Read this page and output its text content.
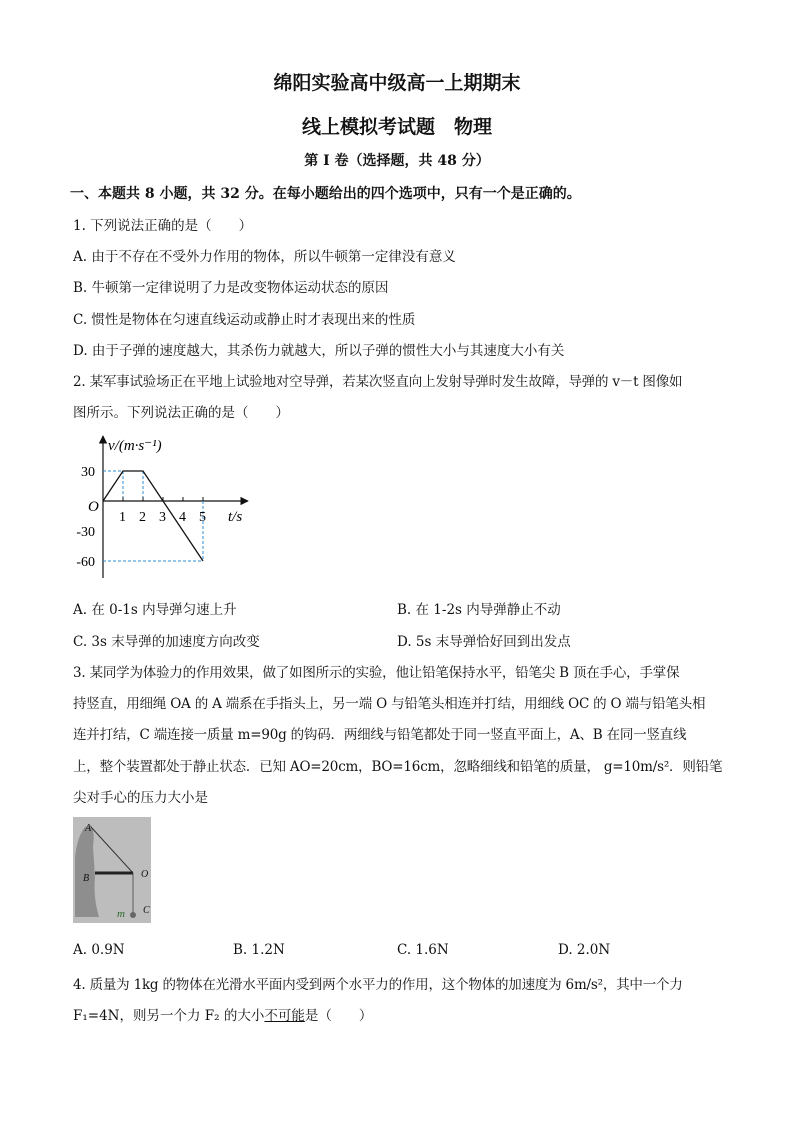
绵阳实验高中级高一上期期末
线上模拟考试题　物理
第 I 卷（选择题，共 48 分）
一、本题共 8 小题，共 32 分。在每小题给出的四个选项中，只有一个是正确的。
1. 下列说法正确的是（　　）
A. 由于不存在不受外力作用的物体，所以牛顿第一定律没有意义
B. 牛顿第一定律说明了力是改变物体运动状态的原因
C. 惯性是物体在匀速直线运动或静止时才表现出来的性质
D. 由于子弹的速度越大，其杀伤力就越大，所以子弹的惯性大小与其速度大小有关
2. 某军事试验场正在平地上试验地对空导弹，若某次竖直向上发射导弹时发生故障，导弹的 v－t 图像如
图所示。下列说法正确的是（　　）
1 2 3 4 5
30
-30
-60
v/(m·s⁻¹)
t/s
O
A. 在 0-1s 内导弹匀速上升	B. 在 1-2s 内导弹静止不动
C. 3s 末导弹的加速度方向改变	D. 5s 末导弹恰好回到出发点
3. 某同学为体验力的作用效果，做了如图所示的实验，他让铅笔保持水平，铅笔尖 B 顶在手心，手掌保
持竖直，用细绳 OA 的 A 端系在手指头上，另一端 O 与铅笔头相连并打结，用细线 OC 的 O 端与铅笔头相
连并打结，C 端连接一质量 m=90g 的钩码．两细线与铅笔都处于同一竖直平面上，A、B 在同一竖直线
上，整个装置都处于静止状态．已知 AO=20cm，BO=16cm，忽略细线和铅笔的质量， g=10m/s²．则铅笔
尖对手心的压力大小是
A
B	O
C
m
A. 0.9N	B. 1.2N	C. 1.6N	D. 2.0N
4. 质量为 1kg 的物体在光滑水平面内受到两个水平力的作用，这个物体的加速度为 6m/s²，其中一个力
F₁=4N，则另一个力 F₂ 的大小不可能是（　　）
